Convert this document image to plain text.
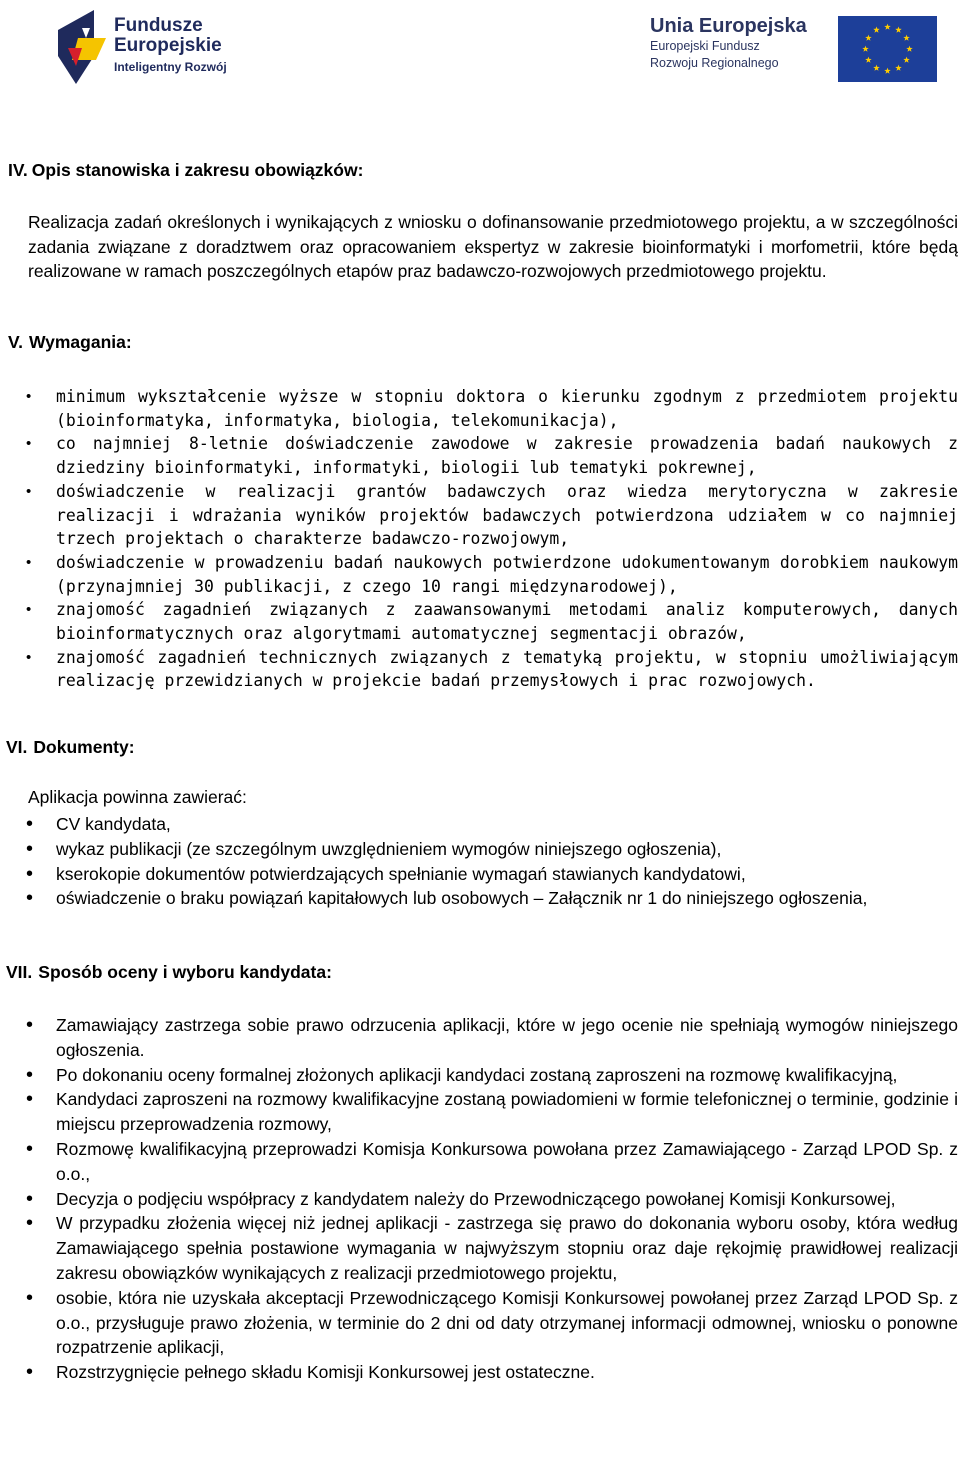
Fundusze
Europejskie
Inteligentny Rozwój
Unia Europejska
Europejski Fundusz
Rozwoju Regionalnego
IV. Opis stanowiska i zakresu obowiązków:
Realizacja zadań określonych i wynikających z wniosku o dofinansowanie przedmiotowego projektu, a w szczególności zadania związane z doradztwem oraz opracowaniem ekspertyz w zakresie bioinformatyki i morfometrii, które będą realizowane w ramach poszczególnych etapów praz badawczo-rozwojowych przedmiotowego projektu.
V. Wymagania:
• minimum wykształcenie wyższe w stopniu doktora o kierunku zgodnym z przedmiotem projektu (bioinformatyka, informatyka, biologia, telekomunikacja),
• co najmniej 8-letnie doświadczenie zawodowe w zakresie prowadzenia badań naukowych z dziedziny bioinformatyki, informatyki, biologii lub tematyki pokrewnej,
• doświadczenie w realizacji grantów badawczych oraz wiedza merytoryczna w zakresie realizacji i wdrażania wyników projektów badawczych potwierdzona udziałem w co najmniej trzech projektach o charakterze badawczo-rozwojowym,
• doświadczenie w prowadzeniu badań naukowych potwierdzone udokumentowanym dorobkiem naukowym (przynajmniej 30 publikacji, z czego 10 rangi międzynarodowej),
• znajomość zagadnień związanych z zaawansowanymi metodami analiz komputerowych, danych bioinformatycznych oraz algorytmami automatycznej segmentacji obrazów,
• znajomość zagadnień technicznych związanych z tematyką projektu, w stopniu umożliwiającym realizację przewidzianych w projekcie badań przemysłowych i prac rozwojowych.
VI. Dokumenty:
Aplikacja powinna zawierać:
• CV kandydata,
• wykaz publikacji (ze szczególnym uwzględnieniem wymogów niniejszego ogłoszenia),
• kserokopie dokumentów potwierdzających spełnianie wymagań stawianych kandydatowi,
• oświadczenie o braku powiązań kapitałowych lub osobowych – Załącznik nr 1 do niniejszego ogłoszenia,
VII. Sposób oceny i wyboru kandydata:
• Zamawiający zastrzega sobie prawo odrzucenia aplikacji, które w jego ocenie nie spełniają wymogów niniejszego ogłoszenia.
• Po dokonaniu oceny formalnej złożonych aplikacji kandydaci zostaną zaproszeni na rozmowę kwalifikacyjną,
• Kandydaci zaproszeni na rozmowy kwalifikacyjne zostaną powiadomieni w formie telefonicznej o terminie, godzinie i miejscu przeprowadzenia rozmowy,
• Rozmowę kwalifikacyjną przeprowadzi Komisja Konkursowa powołana przez Zamawiającego - Zarząd LPOD Sp. z o.o.,
• Decyzja o podjęciu współpracy z kandydatem należy do Przewodniczącego powołanej Komisji Konkursowej,
• W przypadku złożenia więcej niż jednej aplikacji - zastrzega się prawo do dokonania wyboru osoby, która według Zamawiającego spełnia postawione wymagania w najwyższym stopniu oraz daje rękojmię prawidłowej realizacji zakresu obowiązków wynikających z realizacji przedmiotowego projektu,
• osobie, która nie uzyskała akceptacji Przewodniczącego Komisji Konkursowej powołanej przez Zarząd LPOD Sp. z o.o., przysługuje prawo złożenia, w terminie do 2 dni od daty otrzymanej informacji odmownej, wniosku o ponowne rozpatrzenie aplikacji,
• Rozstrzygnięcie pełnego składu Komisji Konkursowej jest ostateczne.
